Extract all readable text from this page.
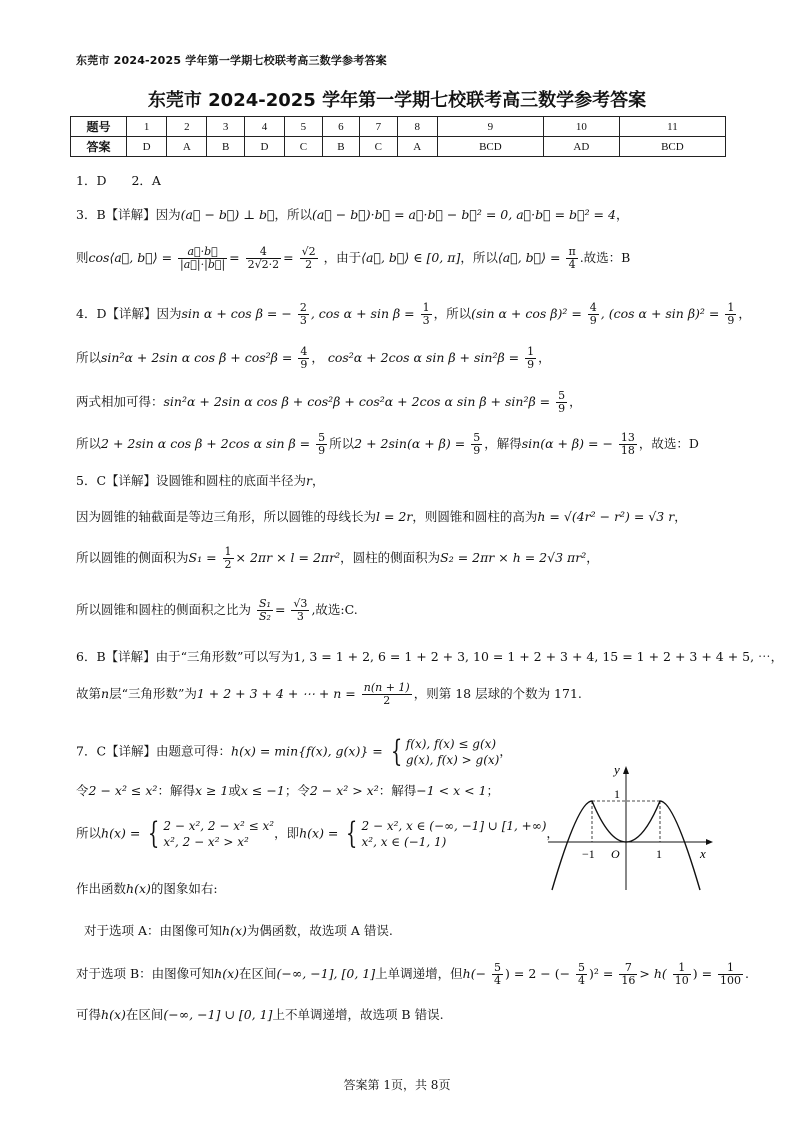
东莞市 2024-2025 学年第一学期七校联考高三数学参考答案
东莞市 2024-2025 学年第一学期七校联考高三数学参考答案
题号	1	2	3	4	5	6	7	8	9	10	11
答案	D	A	B	D	C	B	C	A	BCD	AD	BCD
1．D　　2．A
3．B【详解】因为(a⃗ − b⃗) ⊥ b⃗，所以(a⃗ − b⃗)·b⃗ = a⃗·b⃗ − b⃗² = 0, a⃗·b⃗ = b⃗² = 4，
则cos⟨a⃗, b⃗⟩ = $\frac{a⃗\cdot b⃗}{|a⃗|\cdot|b⃗|} = \frac{4}{2√2\cdot 2} = \frac{√2}{2}$ ，由于⟨a⃗, b⃗⟩ ∈ [0, π]，所以⟨a⃗, b⃗⟩ = $\frac{\pi}{4}$ .故选：B
4．D【详解】因为sin α + cos β = − $\frac{2}{3}$ , $\cos \alpha + \sin \beta = \frac{1}{3}$ ，所以(sin $\alpha + \cos \beta)^2 = \frac{4}{9}$ , (cos $\alpha + \sin \beta)^2 = \frac{1}{9}$ ，
所以sin²α + 2sin α $\cos \beta + \cos^2\beta = \frac{4}{9}$ ， cos²α + 2cos α $\sin \beta + \sin^2\beta = \frac{1}{9}$ ，
两式相加可得：sin²α + 2sin α cos β + cos²β + cos²α + 2cos α $\sin \beta + \sin^2\beta = \frac{5}{9}$ ，
所以2 + 2sin α cos β + 2cos α $\sin \beta = \frac{5}{9}$ 所以$2 + 2\sin(\alpha + \beta) = \frac{5}{9}$ ，解得sin(α + β) = − $\frac{13}{18}$ ，故选：D
5．C【详解】设圆锥和圆柱的底面半径为r，
因为圆锥的轴截面是等边三角形，所以圆锥的母线长为l = 2r，则圆锥和圆柱的高为h = √(4r² − r²) = √3 r，
所以圆锥的侧面积为$S_1 = \frac{1}{2} \times 2\pi r \times l = 2\pi r^2$，圆柱的侧面积为S₂ = 2πr × h = 2√3 πr²，
所以圆锥和圆柱的侧面积之比为 $\frac{\text{S₁}}{\text{S₂}} = \frac{√3}{3}$ ,故选:C.
6．B【详解】由于“三角形数”可以写为1, 3 = 1 + 2, 6 = 1 + 2 + 3, 10 = 1 + 2 + 3 + 4, 15 = 1 + 2 + 3 + 4 + 5, ⋯，
故第n层“三角形数”为1 + 2 + 3 + 4 + ⋯ + $n = \frac{n(n + 1)}{2}$ ，则第 18 层球的个数为 171.
7．C【详解】由题意可得：h(x) = min{f(x), g(x)} = { f(x), f(x) ≤ g(x)
g(x), f(x) > g(x)，
令2 − x² ≤ x²：解得x ≥ 1或x ≤ −1；令2 − x² > x²：解得−1 < x < 1；
所以h(x) = { 2 − x², 2 − x² ≤ x²
x², 2 − x² > x²，即h(x) = { 2 − x², x ∈ (−∞, −1] ∪ [1, +∞)
x², x ∈ (−1, 1)，
作出函数h(x)的图象如右:
对于选项 A：由图像可知h(x)为偶函数，故选项 A 错误.
对于选项 B：由图像可知h(x)在区间(−∞, −1], [0, 1]上单调递增，但$h(- \frac{5}{4}$ ) = 2 − (− $\frac{5}{4} )^2 = \frac{7}{16} > h( \frac{1}{10}$ ) = $\frac{1}{100}$ .
可得h(x)在区间(−∞, −1] ∪ [0, 1]上不单调递增，故选项 B 错误.
y
x
1
−1 O	1
答案第 1页，共 8页
